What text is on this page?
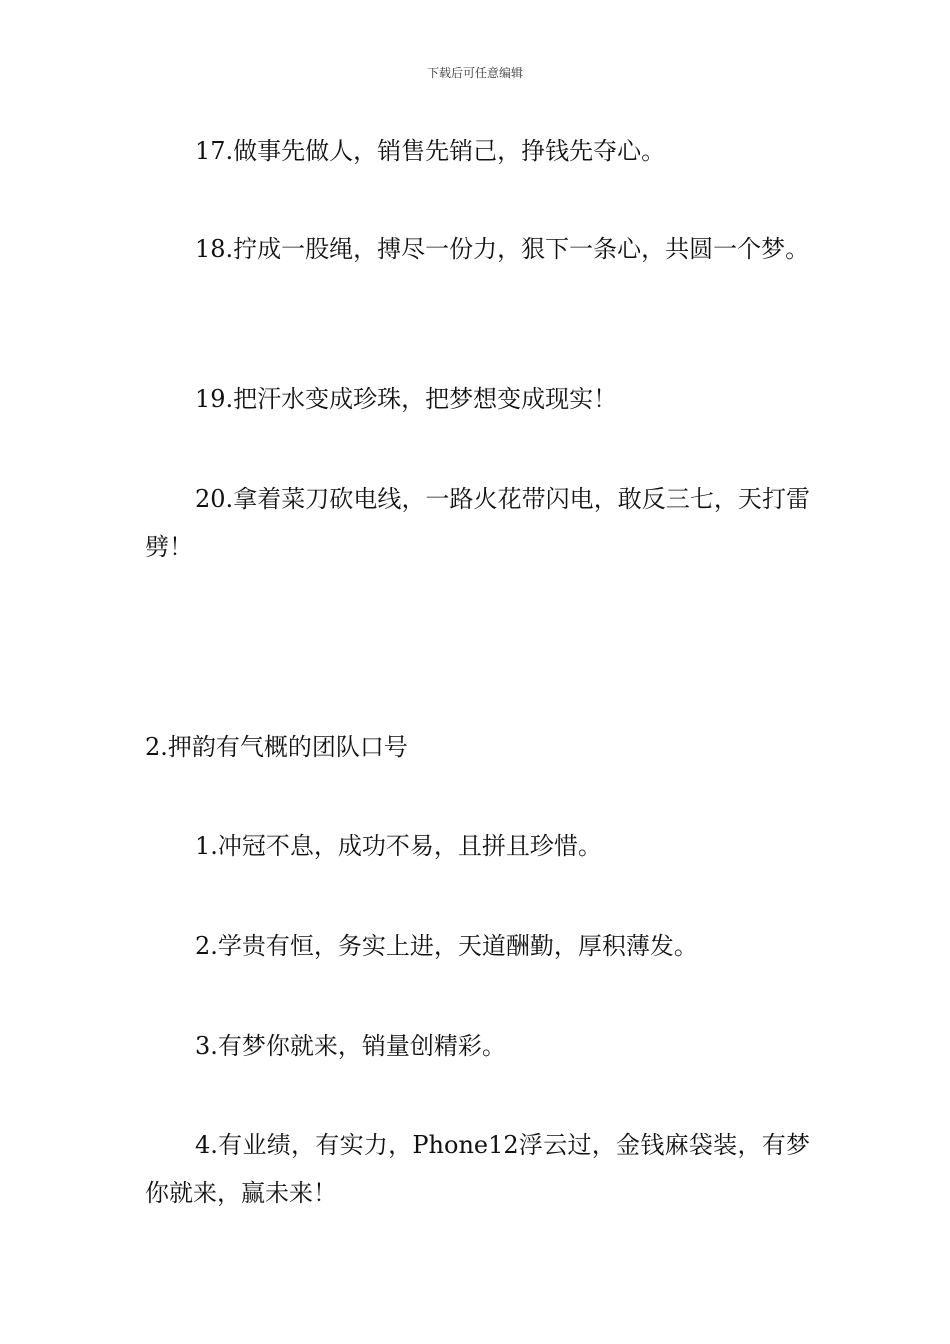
下载后可任意编辑

17.做事先做人，销售先销己，挣钱先夺心。

18.拧成一股绳，搏尽一份力，狠下一条心，共圆一个梦。

19.把汗水变成珍珠，把梦想变成现实！

20.拿着菜刀砍电线，一路火花带闪电，敢反三七，天打雷劈！

2.押韵有气概的团队口号

1.冲冠不息，成功不易，且拼且珍惜。

2.学贵有恒，务实上进，天道酬勤，厚积薄发。

3.有梦你就来，销量创精彩。

4.有业绩，有实力，Phone12浮云过，金钱麻袋装，有梦你就来，赢未来！
